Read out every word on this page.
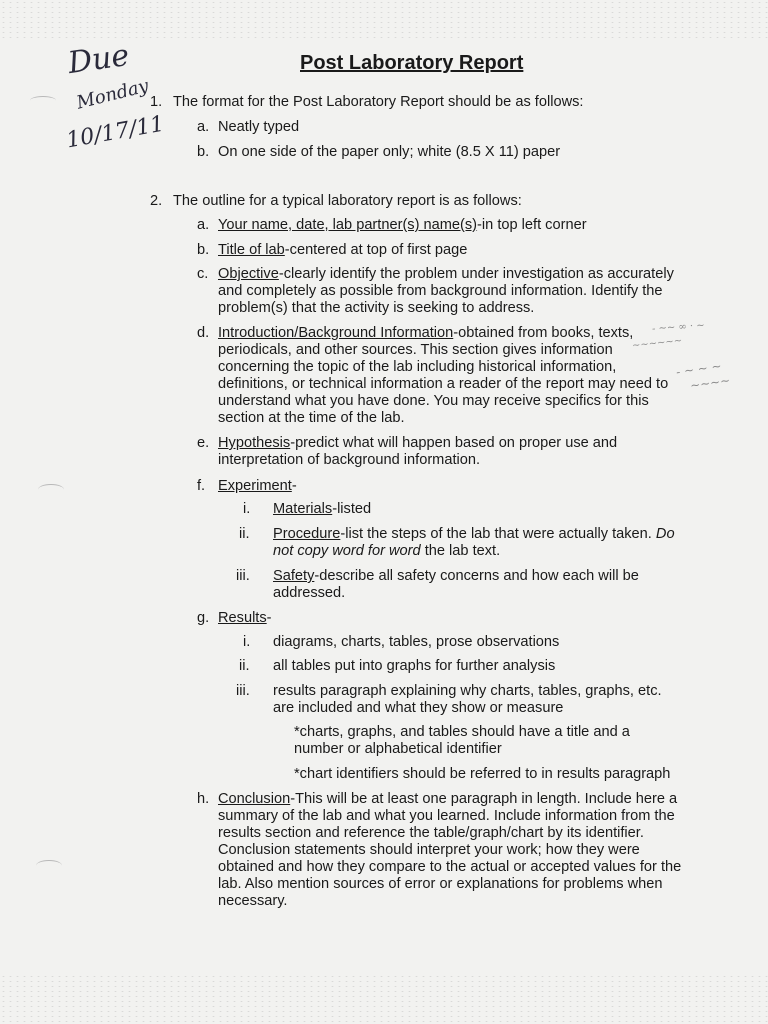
Due
Monday
10/17/11
- ~~ ∞ · ~
~~~~~~
- ~ ~ ~
~~~~
Post Laboratory Report
1. The format for the Post Laboratory Report should be as follows:
a. Neatly typed
b. On one side of the paper only; white (8.5 X 11) paper
2. The outline for a typical laboratory report is as follows:
a. Your name, date, lab partner(s) name(s)-in top left corner
b. Title of lab-centered at top of first page
c. Objective-clearly identify the problem under investigation as accurately
and completely as possible from background information. Identify the
problem(s) that the activity is seeking to address.
d. Introduction/Background Information-obtained from books, texts,
periodicals, and other sources. This section gives information
concerning the topic of the lab including historical information,
definitions, or technical information a reader of the report may need to
understand what you have done. You may receive specifics for this
section at the time of the lab.
e. Hypothesis-predict what will happen based on proper use and
interpretation of background information.
f. Experiment-
i. Materials-listed
ii. Procedure-list the steps of the lab that were actually taken. Do
not copy word for word the lab text.
iii. Safety-describe all safety concerns and how each will be
addressed.
g. Results-
i. diagrams, charts, tables, prose observations
ii. all tables put into graphs for further analysis
iii. results paragraph explaining why charts, tables, graphs, etc.
are included and what they show or measure
*charts, graphs, and tables should have a title and a
number or alphabetical identifier
*chart identifiers should be referred to in results paragraph
h. Conclusion-This will be at least one paragraph in length. Include here a
summary of the lab and what you learned. Include information from the
results section and reference the table/graph/chart by its identifier.
Conclusion statements should interpret your work; how they were
obtained and how they compare to the actual or accepted values for the
lab. Also mention sources of error or explanations for problems when
necessary.
